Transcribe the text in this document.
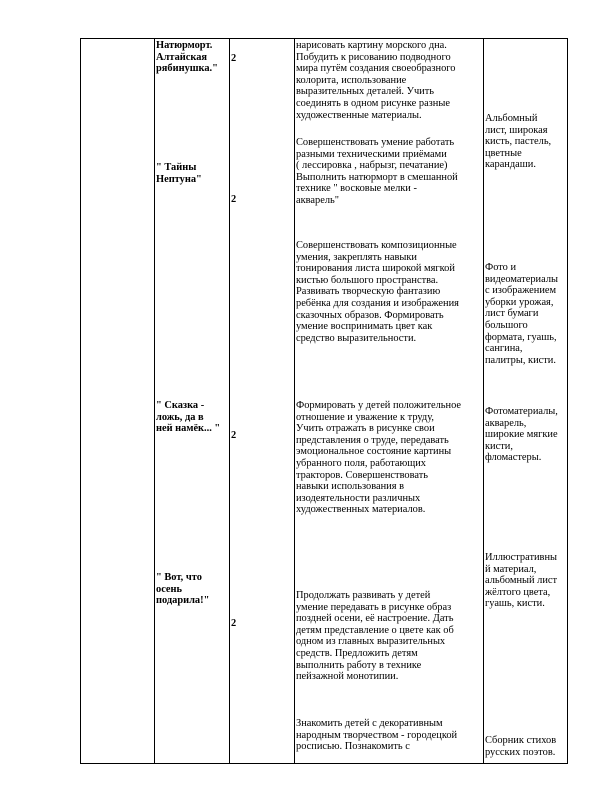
Натюрморт.

Алтайская

рябинушка."

2

нарисовать картину морского дна.

Побудить к рисованию подводного

мира путём создания своеобразного

колорита, использование

выразительных деталей. Учить

соединять в одном рисунке разные

художественные материалы.	Альбомный

лист, широкая

кисть, пастель,

цветные

карандаши.

" Тайны

Нептуна"

2

Совершенствовать умение работать

разными техническими приёмами

( лессировка , набрызг, печатание)

Выполнить натюрморт в смешанной

технике " восковые мелки -

акварель"

Совершенствовать композиционные

умения, закреплять навыки

тонирования листа широкой мягкой

кистью большого пространства.

Развивать творческую фантазию

ребёнка для создания и изображения

сказочных образов. Формировать

умение воспринимать цвет как

средство выразительности.

Фото и

видеоматериалы

с изображением

уборки урожая,

лист бумаги

большого

формата, гуашь,

сангина,

палитры, кисти.

" Сказка -

ложь, да в

ней намёк... "

2

Формировать у детей положительное

отношение и уважение к труду,

Учить отражать в рисунке свои

представления о труде, передавать

эмоциональное состояние картины

убранного поля, работающих

тракторов. Совершенствовать

навыки использования в

изодеятельности различных

художественных материалов.

Фотоматериалы,

акварель,

широкие мягкие

кисти,

фломастеры.

" Вот, что

осень

подарила!"

2

Продолжать развивать у детей

умение передавать в рисунке образ

поздней осени, её настроение. Дать

детям представление о цвете как об

одном из главных выразительных

средств. Предложить детям

выполнить работу в технике

пейзажной монотипии.

Иллюстративны

й материал,

альбомный лист

жёлтого цвета,

гуашь, кисти.

Знакомить детей с декоративным

народным творчеством - городецкой

росписью. Познакомить с

Сборник стихов

русских поэтов.
